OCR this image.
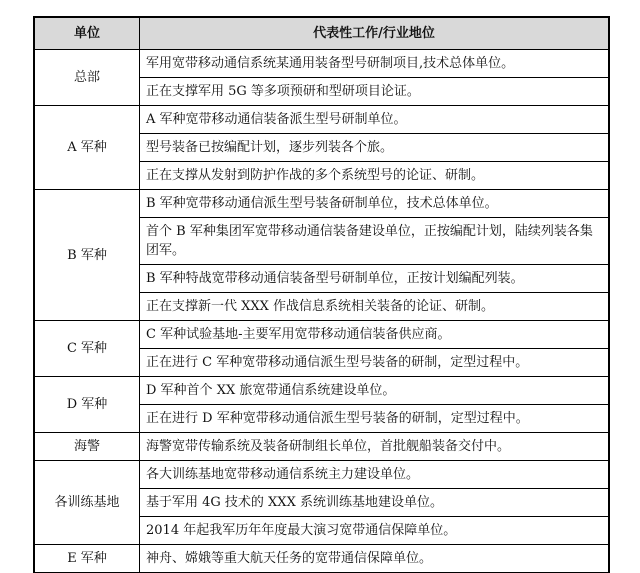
单位	代表性工作/行业地位
总部	军用宽带移动通信系统某通用装备型号研制项目,技术总体单位。
	正在支撑军用 5G 等多项预研和型研项目论证。
A 军种	A 军种宽带移动通信装备派生型号研制单位。
	型号装备已按编配计划，逐步列装各个旅。
	正在支撑从发射到防护作战的多个系统型号的论证、研制。
B 军种	B 军种宽带移动通信派生型号装备研制单位，技术总体单位。
	首个 B 军种集团军宽带移动通信装备建设单位，正按编配计划，陆续列装各集团军。
	B 军种特战宽带移动通信装备型号研制单位，正按计划编配列装。
	正在支撑新一代 XXX 作战信息系统相关装备的论证、研制。
C 军种	C 军种试验基地-主要军用宽带移动通信装备供应商。
	正在进行 C 军种宽带移动通信派生型号装备的研制，定型过程中。
D 军种	D 军种首个 XX 旅宽带通信系统建设单位。
	正在进行 D 军种宽带移动通信派生型号装备的研制，定型过程中。
海警	海警宽带传输系统及装备研制组长单位，首批舰船装备交付中。
各训练基地	各大训练基地宽带移动通信系统主力建设单位。
	基于军用 4G 技术的 XXX 系统训练基地建设单位。
	2014 年起我军历年年度最大演习宽带通信保障单位。
E 军种	神舟、嫦娥等重大航天任务的宽带通信保障单位。
